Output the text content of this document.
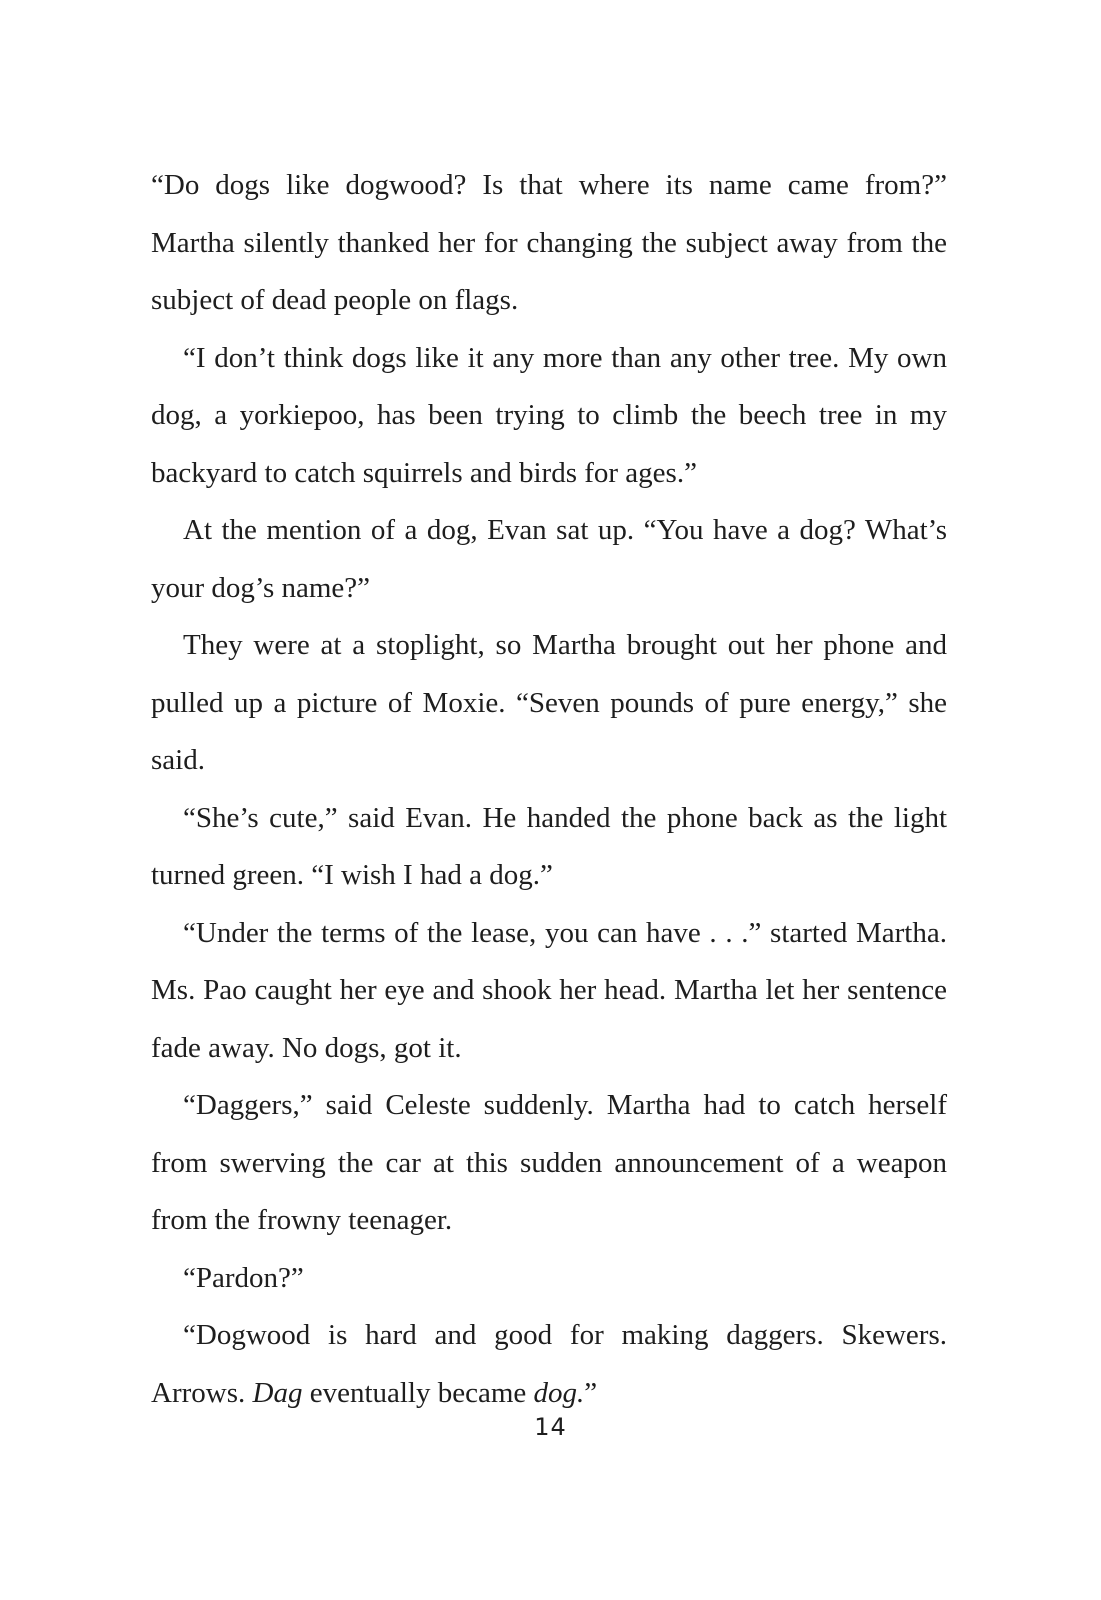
“Do dogs like dogwood? Is that where its name came from?” Martha silently thanked her for changing the subject away from the subject of dead people on flags.

“I don’t think dogs like it any more than any other tree. My own dog, a yorkiepoo, has been trying to climb the beech tree in my backyard to catch squirrels and birds for ages.”

At the mention of a dog, Evan sat up. “You have a dog? What’s your dog’s name?”

They were at a stoplight, so Martha brought out her phone and pulled up a picture of Moxie. “Seven pounds of pure energy,” she said.

“She’s cute,” said Evan. He handed the phone back as the light turned green. “I wish I had a dog.”

“Under the terms of the lease, you can have . . .” started Martha. Ms. Pao caught her eye and shook her head. Martha let her sentence fade away. No dogs, got it.

“Daggers,” said Celeste suddenly. Martha had to catch herself from swerving the car at this sudden announcement of a weapon from the frowny teenager.

“Pardon?”

“Dogwood is hard and good for making daggers. Skewers. Arrows. Dag eventually became dog.”

14
